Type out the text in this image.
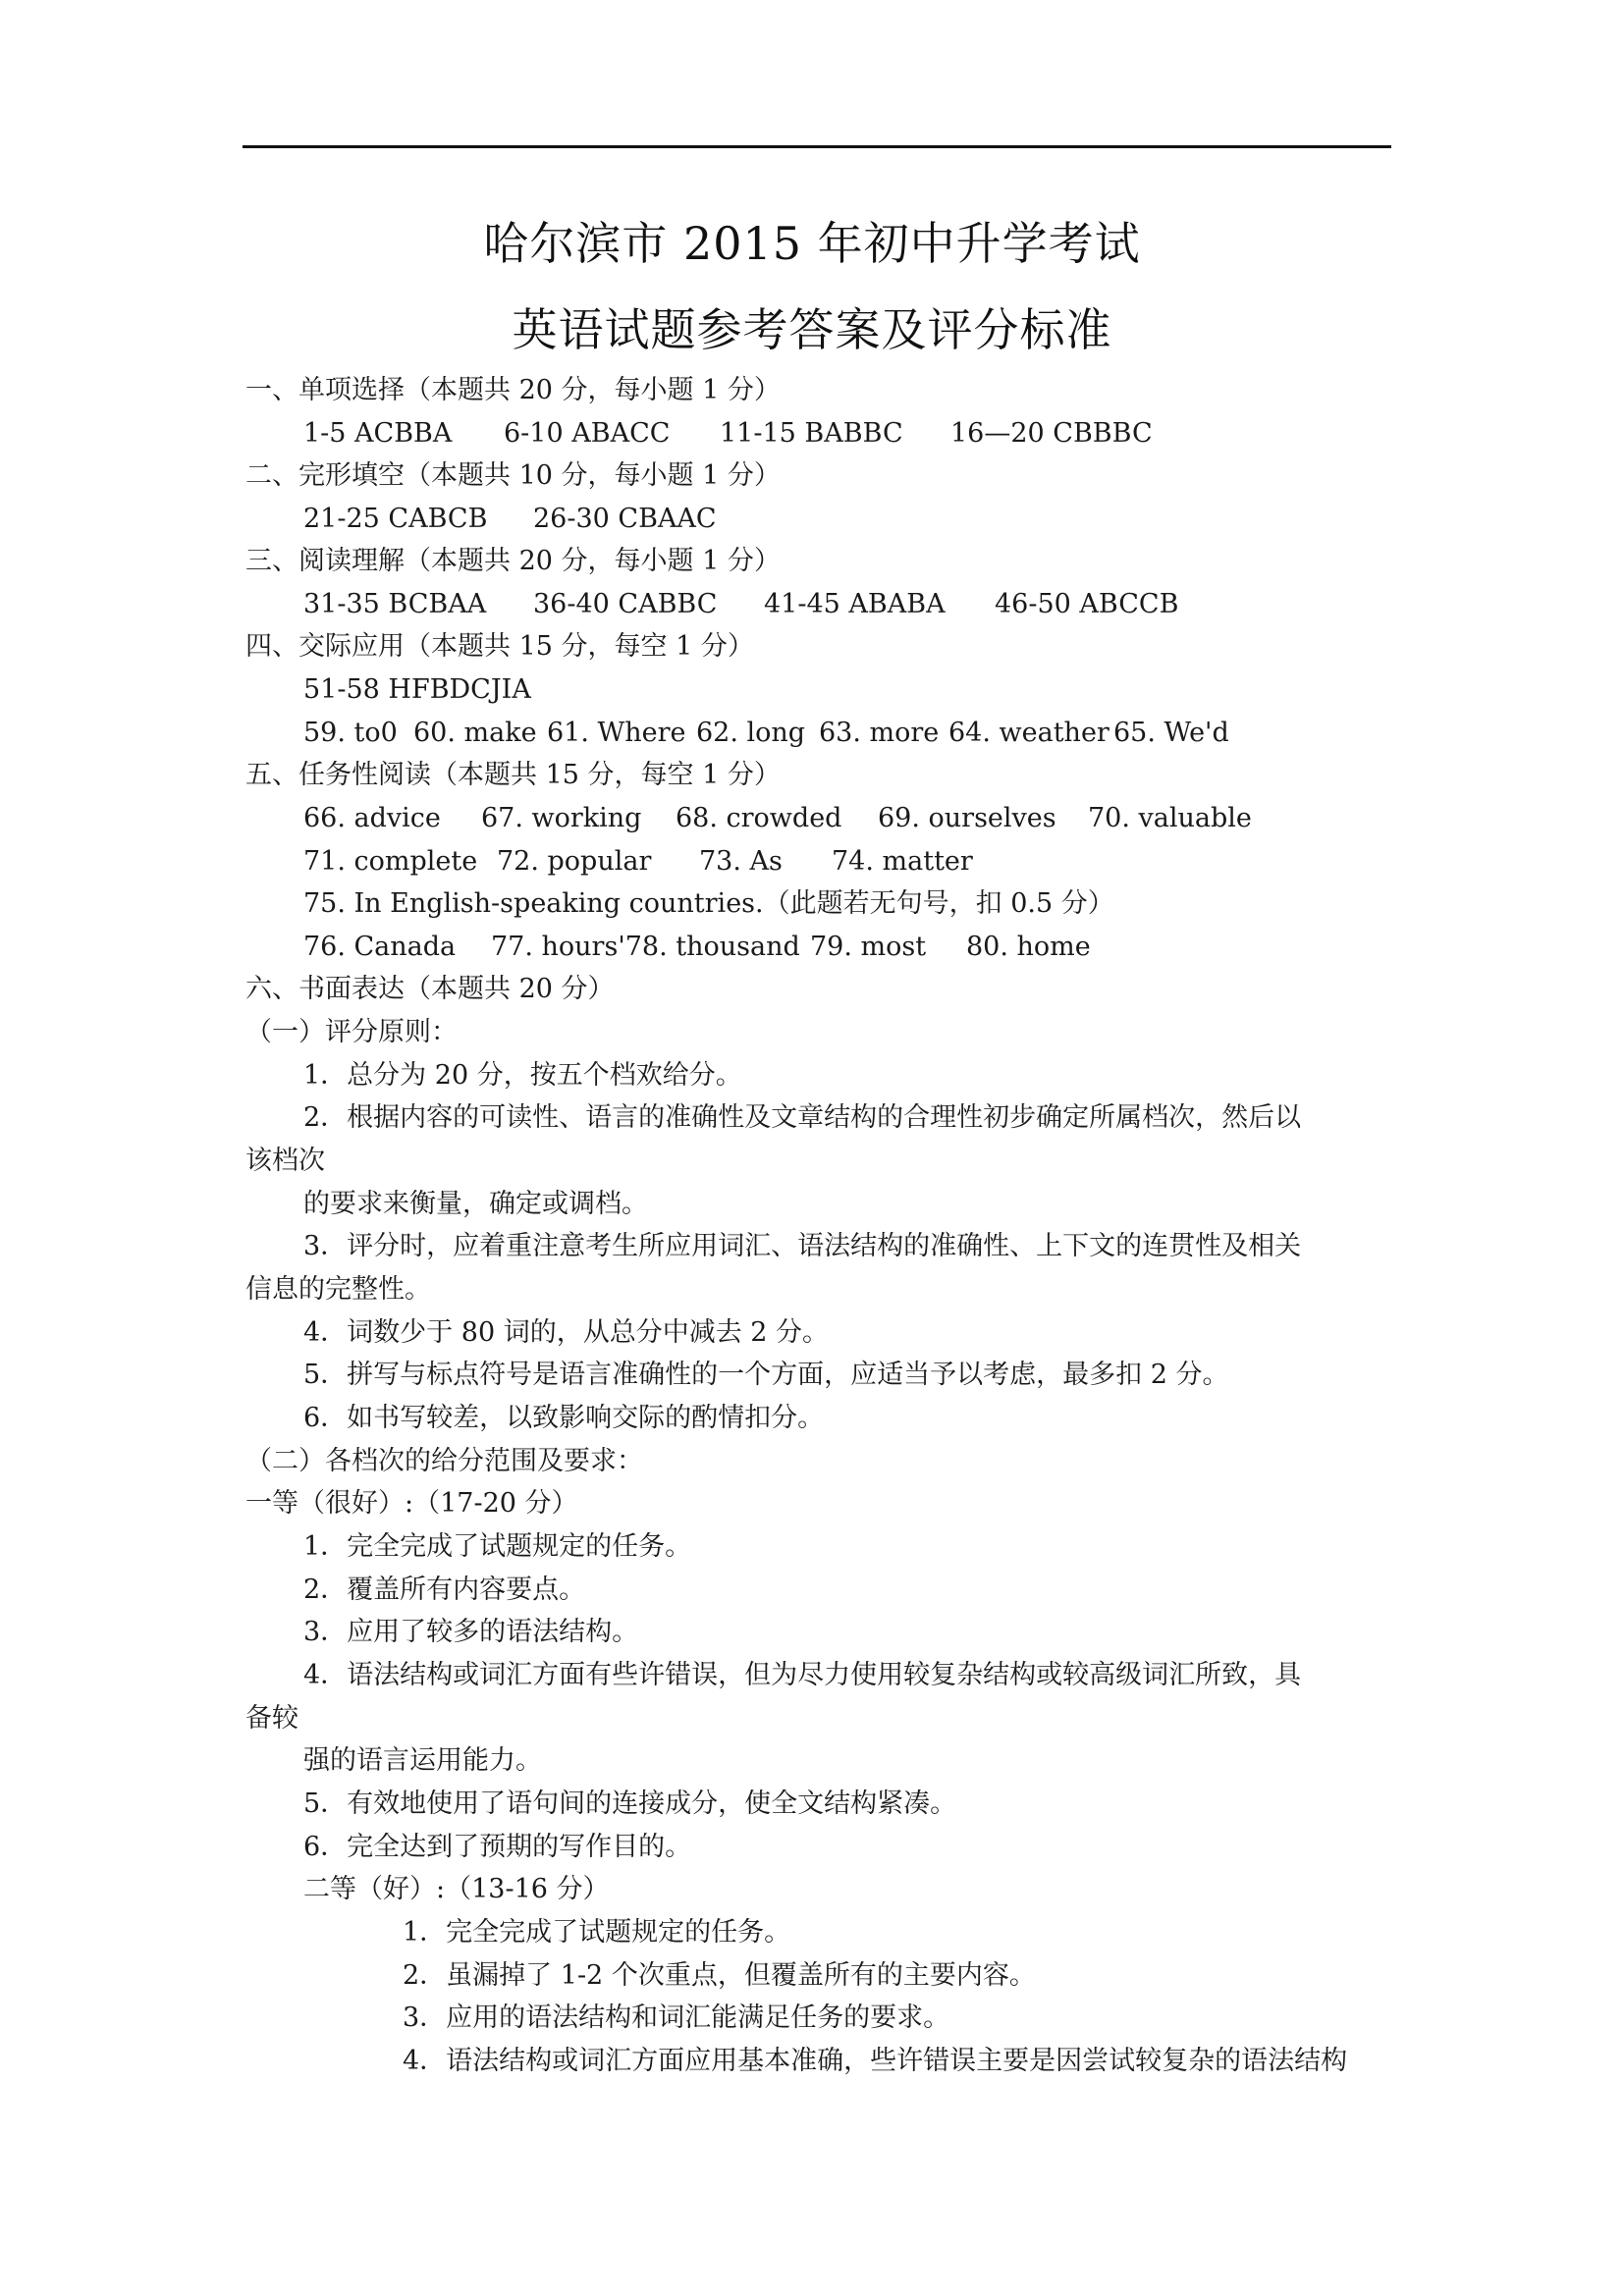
哈尔滨市 2015 年初中升学考试
英语试题参考答案及评分标准
一、单项选择（本题共 20 分，每小题 1 分）
1-5 ACBBA 6-10 ABACC 11-15 BABBC 16—20 CBBBC
二、完形填空（本题共 10 分，每小题 1 分）
21-25 CABCB 26-30 CBAAC
三、阅读理解（本题共 20 分，每小题 1 分）
31-35 BCBAA 36-40 CABBC 41-45 ABABA 46-50 ABCCB
四、交际应用（本题共 15 分，每空 1 分）
51-58 HFBDCJIA
59. to0 60. make 61. Where 62. long 63. more 64. weather 65. We'd
五、任务性阅读（本题共 15 分，每空 1 分）
66. advice 67. working 68. crowded 69. ourselves 70. valuable
71. complete 72. popular 73. As 74. matter
75. In English-speaking countries.（此题若无句号，扣 0.5 分）
76. Canada 77. hours'78. thousand 79. most 80. home
六、书面表达（本题共 20 分）
（一）评分原则：
1．总分为 20 分，按五个档欢给分。
2．根据内容的可读性、语言的准确性及文章结构的合理性初步确定所属档次，然后以
该档次
的要求来衡量，确定或调档。
3．评分时，应着重注意考生所应用词汇、语法结构的准确性、上下文的连贯性及相关
信息的完整性。
4．词数少于 80 词的，从总分中减去 2 分。
5．拼写与标点符号是语言准确性的一个方面，应适当予以考虑，最多扣 2 分。
6．如书写较差，以致影响交际的酌情扣分。
（二）各档次的给分范围及要求：
一等（很好）:（17-20 分）
1．完全完成了试题规定的任务。
2．覆盖所有内容要点。
3．应用了较多的语法结构。
4．语法结构或词汇方面有些许错误，但为尽力使用较复杂结构或较高级词汇所致，具
备较
强的语言运用能力。
5．有效地使用了语句间的连接成分，使全文结构紧凑。
6．完全达到了预期的写作目的。
二等（好）:（13-16 分）
1．完全完成了试题规定的任务。
2．虽漏掉了 1-2 个次重点，但覆盖所有的主要内容。
3．应用的语法结构和词汇能满足任务的要求。
4．语法结构或词汇方面应用基本准确，些许错误主要是因尝试较复杂的语法结构
